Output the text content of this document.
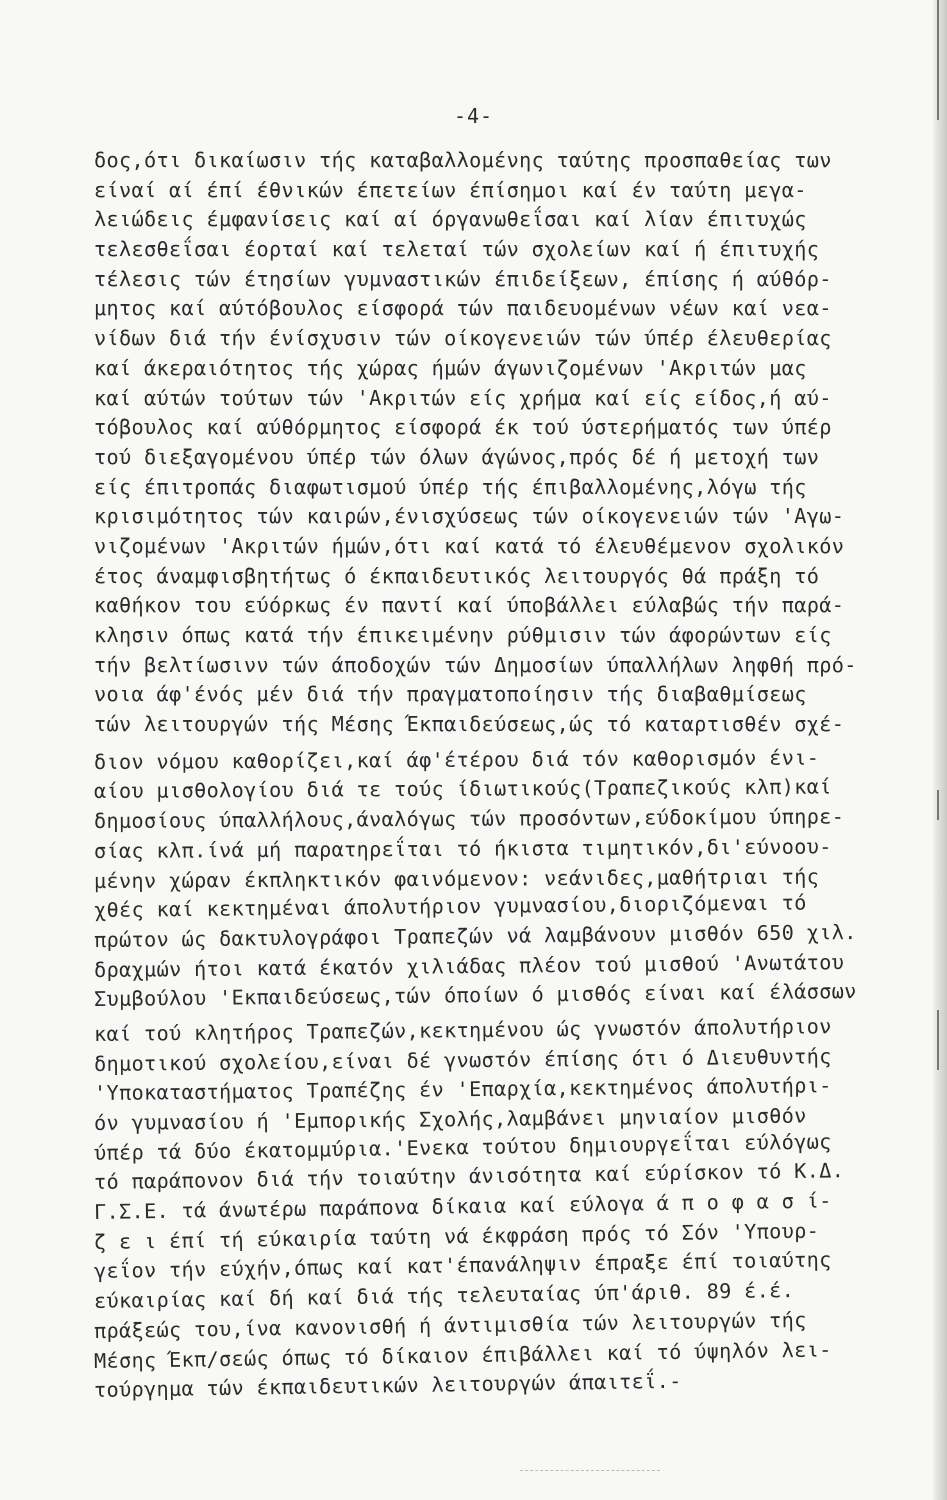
-4-
δος,ότι δικαίωσιν τής καταβαλλομένης ταύτης προσπαθείας των
είναί αί έπί έθνικών έπετείων έπίσημοι καί έν ταύτη μεγα-
λειώδεις έμφανίσεις καί αί όργανωθεΐσαι καί λίαν έπιτυχώς
τελεσθεΐσαι έορταί καί τελεταί τών σχολείων καί ή έπιτυχής
τέλεσις τών έτησίων γυμναστικών έπιδείξεων, έπίσης ή αύθόρ-
μητος καί αύτόβουλος είσφορά τών παιδευομένων νέων καί νεα-
νίδων διά τήν ένίσχυσιν τών οίκογενειών τών ύπέρ έλευθερίας
καί άκεραιότητος τής χώρας ήμών άγωνιζομένων 'Ακριτών μας
καί αύτών τούτων τών 'Ακριτών είς χρήμα καί είς είδος,ή αύ-
τόβουλος καί αύθόρμητος είσφορά έκ τού ύστερήματός των ύπέρ
τού διεξαγομένου ύπέρ τών όλων άγώνος,πρός δέ ή μετοχή των
είς έπιτροπάς διαφωτισμού ύπέρ τής έπιβαλλομένης,λόγω τής
κρισιμότητος τών καιρών,ένισχύσεως τών οίκογενειών τών 'Αγω-
νιζομένων 'Ακριτών ήμών,ότι καί κατά τό έλευθέμενον σχολικόν
έτος άναμφισβητήτως ό έκπαιδευτικός λειτουργός θά πράξη τό
καθήκον του εύόρκως έν παντί καί ύποβάλλει εύλαβώς τήν παρά-
κλησιν όπως κατά τήν έπικειμένην ρύθμισιν τών άφορώντων είς
τήν βελτίωσινν τών άποδοχών τών Δημοσίων ύπαλλήλων ληφθή πρό-
νοια άφ'ένός μέν διά τήν πραγματοποίησιν τής διαβαθμίσεως
τών λειτουργών τής Μέσης Έκπαιδεύσεως,ώς τό καταρτισθέν σχέ-
διον νόμου καθορίζει,καί άφ'έτέρου διά τόν καθορισμόν ένι-
αίου μισθολογίου διά τε τούς ίδιωτικούς(Τραπεζικούς κλπ)καί
δημοσίους ύπαλλήλους,άναλόγως τών προσόντων,εύδοκίμου ύπηρε-
σίας κλπ.ίνά μή παρατηρεΐται τό ήκιστα τιμητικόν,δι'εύνοου-
μένην χώραν έκπληκτικόν φαινόμενον: νεάνιδες,μαθήτριαι τής
χθές καί κεκτημέναι άπολυτήριον γυμνασίου,διοριζόμεναι τό
πρώτον ώς δακτυλογράφοι Τραπεζών νά λαμβάνουν μισθόν 650 χιλ.
δραχμών ήτοι κατά έκατόν χιλιάδας πλέον τού μισθού 'Ανωτάτου
Συμβούλου 'Εκπαιδεύσεως,τών όποίων ό μισθός είναι καί έλάσσων
καί τού κλητήρος Τραπεζών,κεκτημένου ώς γνωστόν άπολυτήριον
δημοτικού σχολείου,είναι δέ γνωστόν έπίσης ότι ό Διευθυντής
'Υποκαταστήματος Τραπέζης έν 'Επαρχία,κεκτημένος άπολυτήρι-
όν γυμνασίου ή 'Εμπορικής Σχολής,λαμβάνει μηνιαίον μισθόν
ύπέρ τά δύο έκατομμύρια.'Ενεκα τούτου δημιουργεΐται εύλόγως
τό παράπονον διά τήν τοιαύτην άνισότητα καί εύρίσκον τό Κ.Δ.
Γ.Σ.Ε. τά άνωτέρω παράπονα δίκαια καί εύλογα ά π ο φ α σ ί-
ζ ε ι έπί τή εύκαιρία ταύτη νά έκφράση πρός τό Σόν 'Υπουρ-
γεΐον τήν εύχήν,όπως καί κατ'έπανάληψιν έπραξε έπί τοιαύτης
εύκαιρίας καί δή καί διά τής τελευταίας ύπ'άριθ. 89 έ.έ.
πράξεώς του,ίνα κανονισθή ή άντιμισθία τών λειτουργών τής
Μέσης Έκπ/σεώς όπως τό δίκαιον έπιβάλλει καί τό ύψηλόν λει-
τούργημα τών έκπαιδευτικών λειτουργών άπαιτεΐ.-
